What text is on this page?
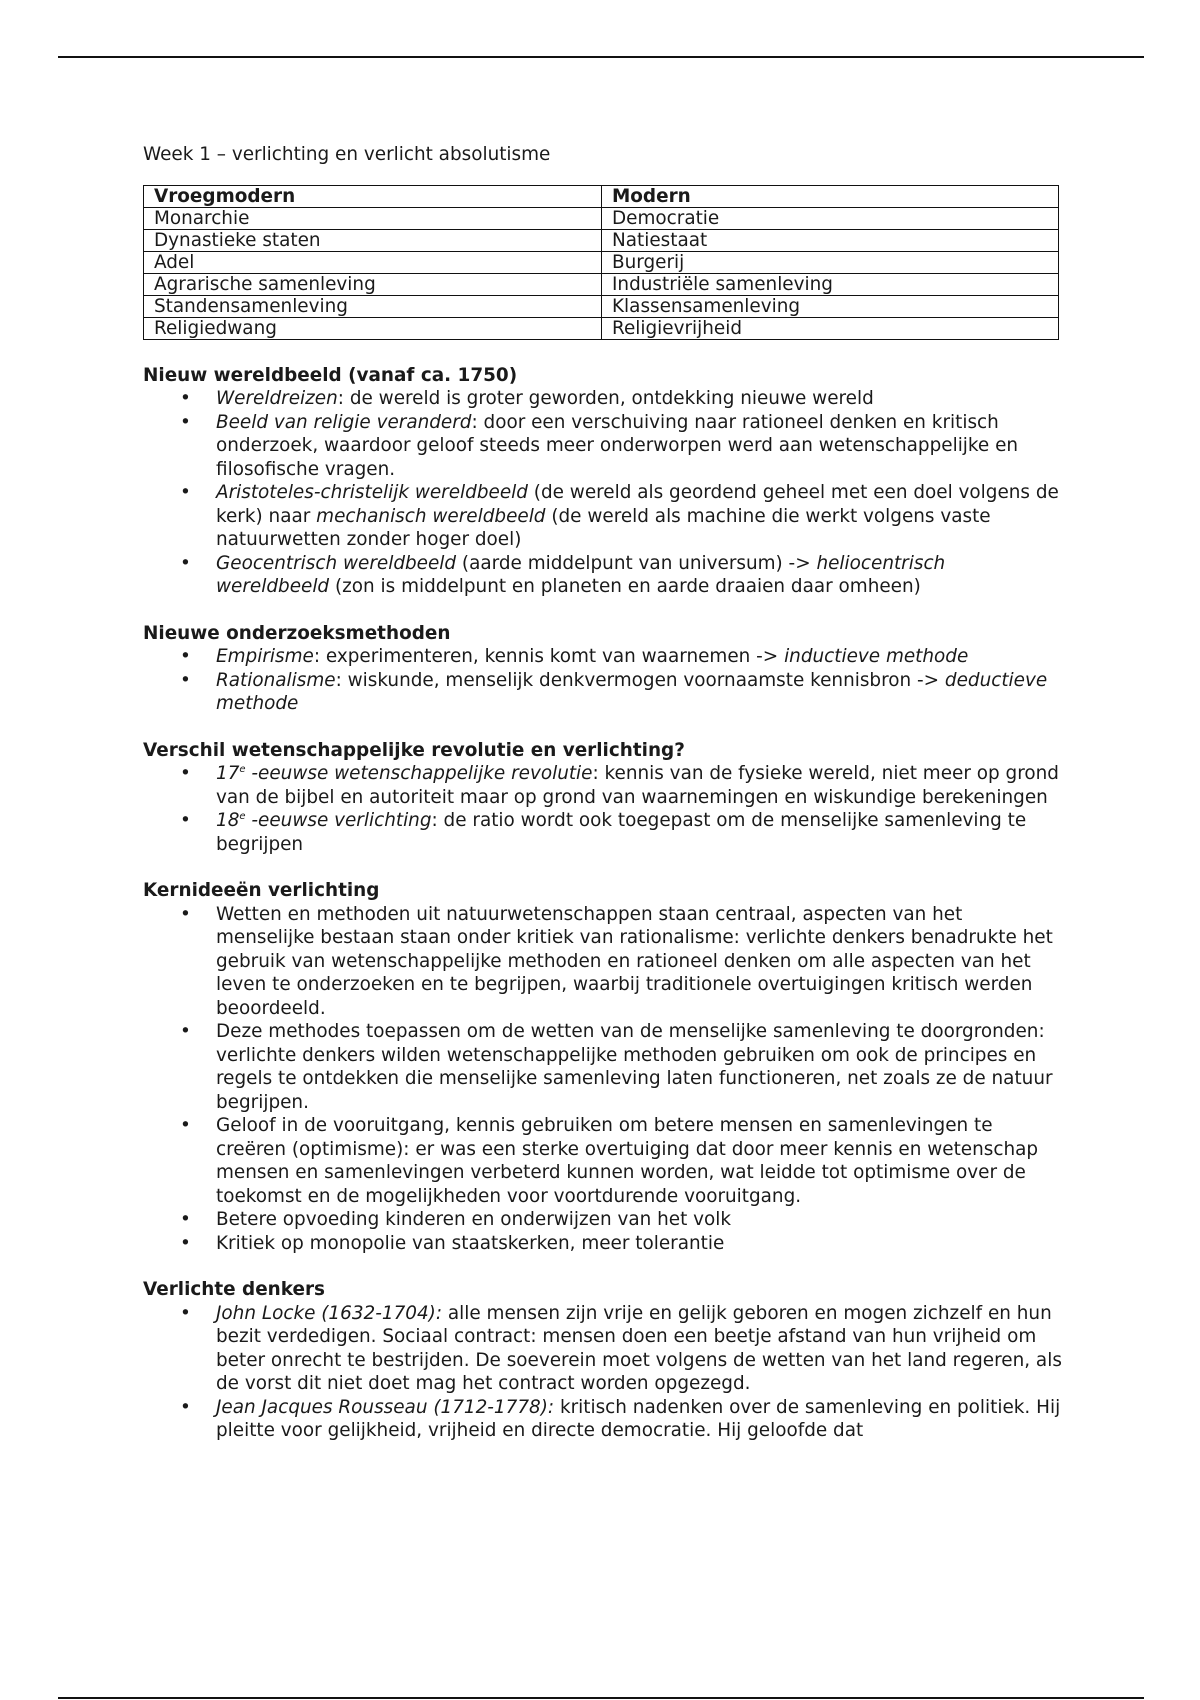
Week 1 – verlichting en verlicht absolutisme

Vroegmodern	Modern
Monarchie	Democratie
Dynastieke staten	Natiestaat
Adel	Burgerij
Agrarische samenleving	Industriële samenleving
Standensamenleving	Klassensamenleving
Religiedwang	Religievrijheid
Nieuw wereldbeeld (vanaf ca. 1750)
• Wereldreizen: de wereld is groter geworden, ontdekking nieuwe wereld
• Beeld van religie veranderd: door een verschuiving naar rationeel denken en kritisch onderzoek, waardoor geloof steeds meer onderworpen werd aan wetenschappelijke en filosofische vragen.
• Aristoteles-christelijk wereldbeeld (de wereld als geordend geheel met een doel volgens de kerk) naar mechanisch wereldbeeld (de wereld als machine die werkt volgens vaste natuurwetten zonder hoger doel)
• Geocentrisch wereldbeeld (aarde middelpunt van universum) -> heliocentrisch wereldbeeld (zon is middelpunt en planeten en aarde draaien daar omheen)
Nieuwe onderzoeksmethoden
• Empirisme: experimenteren, kennis komt van waarnemen -> inductieve methode
• Rationalisme: wiskunde, menselijk denkvermogen voornaamste kennisbron -> deductieve methode
Verschil wetenschappelijke revolutie en verlichting?
• 17e -eeuwse wetenschappelijke revolutie: kennis van de fysieke wereld, niet meer op grond van de bijbel en autoriteit maar op grond van waarnemingen en wiskundige berekeningen
• 18e -eeuwse verlichting: de ratio wordt ook toegepast om de menselijke samenleving te begrijpen
Kernideeën verlichting
• Wetten en methoden uit natuurwetenschappen staan centraal, aspecten van het menselijke bestaan staan onder kritiek van rationalisme: verlichte denkers benadrukte het gebruik van wetenschappelijke methoden en rationeel denken om alle aspecten van het leven te onderzoeken en te begrijpen, waarbij traditionele overtuigingen kritisch werden beoordeeld.
• Deze methodes toepassen om de wetten van de menselijke samenleving te doorgronden: verlichte denkers wilden wetenschappelijke methoden gebruiken om ook de principes en regels te ontdekken die menselijke samenleving laten functioneren, net zoals ze de natuur begrijpen.
• Geloof in de vooruitgang, kennis gebruiken om betere mensen en samenlevingen te creëren (optimisme): er was een sterke overtuiging dat door meer kennis en wetenschap mensen en samenlevingen verbeterd kunnen worden, wat leidde tot optimisme over de toekomst en de mogelijkheden voor voortdurende vooruitgang.
• Betere opvoeding kinderen en onderwijzen van het volk
• Kritiek op monopolie van staatskerken, meer tolerantie
Verlichte denkers
• John Locke (1632-1704): alle mensen zijn vrije en gelijk geboren en mogen zichzelf en hun bezit verdedigen. Sociaal contract: mensen doen een beetje afstand van hun vrijheid om beter onrecht te bestrijden. De soeverein moet volgens de wetten van het land regeren, als de vorst dit niet doet mag het contract worden opgezegd.
• Jean Jacques Rousseau (1712-1778): kritisch nadenken over de samenleving en politiek. Hij pleitte voor gelijkheid, vrijheid en directe democratie. Hij geloofde dat
